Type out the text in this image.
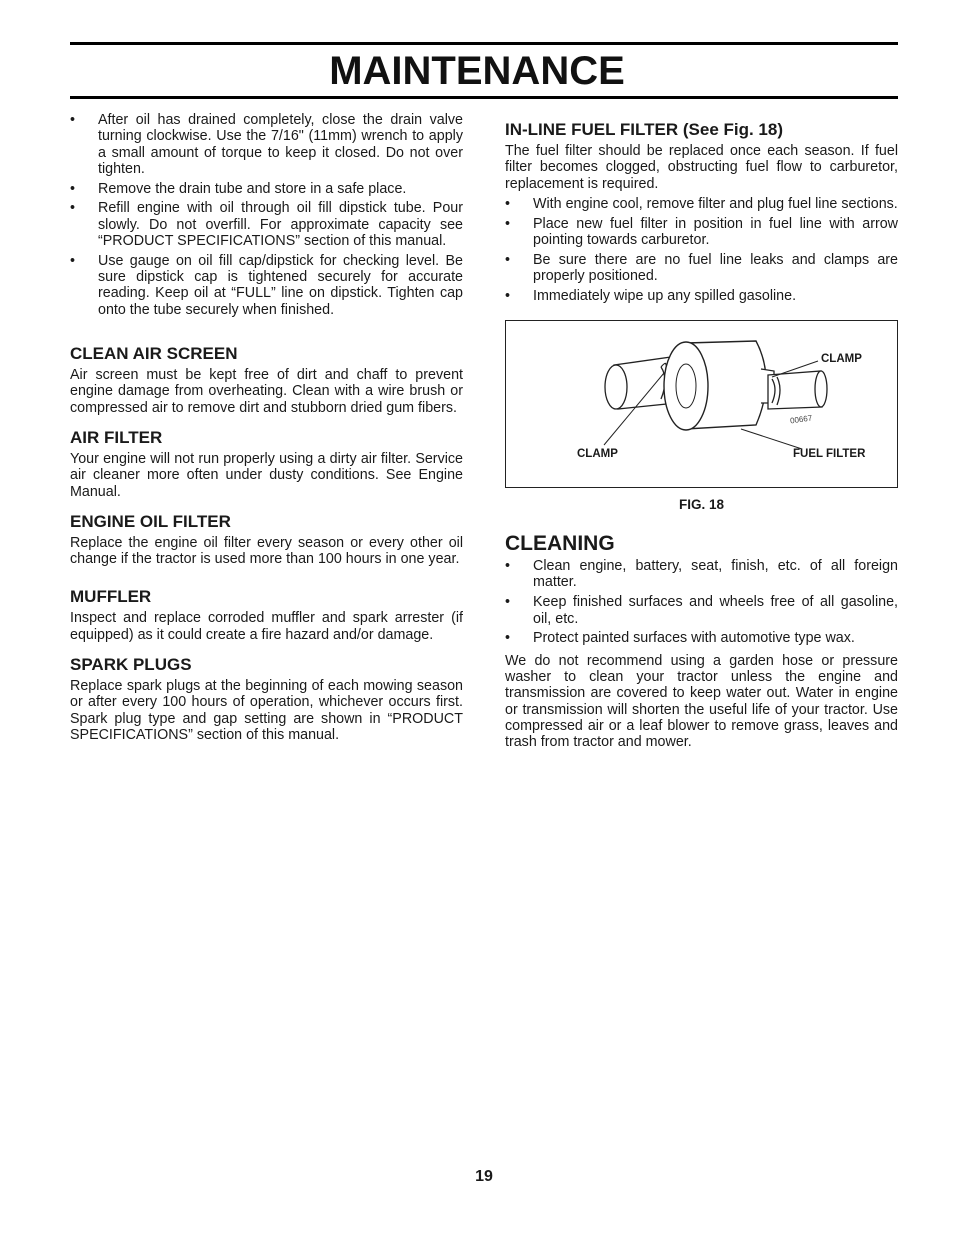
MAINTENANCE
• After oil has drained completely, close the drain valve turning clockwise. Use the 7/16" (11mm) wrench to apply a small amount of torque to keep it closed. Do not over tighten.
• Remove the drain tube and store in a safe place.
• Refill engine with oil through oil fill dipstick tube. Pour slowly. Do not overfill. For approximate capacity see “PRODUCT SPECIFICATIONS” section of this manual.
• Use gauge on oil fill cap/dipstick for checking level. Be sure dipstick cap is tightened securely for accurate reading. Keep oil at “FULL” line on dipstick. Tighten cap onto the tube securely when finished.
CLEAN AIR SCREEN

Air screen must be kept free of dirt and chaff to prevent engine damage from overheating. Clean with a wire brush or compressed air to remove dirt and stubborn dried gum fibers.

AIR FILTER

Your engine will not run properly using a dirty air filter. Service air cleaner more often under dusty conditions. See Engine Manual.

ENGINE OIL FILTER

Replace the engine oil filter every season or every other oil change if the tractor is used more than 100 hours in one year.

MUFFLER

Inspect and replace corroded muffler and spark arrester (if equipped) as it could create a fire hazard and/or damage.

SPARK PLUGS

Replace spark plugs at the beginning of each mowing season or after every 100 hours of operation, whichever occurs first. Spark plug type and gap setting are shown in “PRODUCT SPECIFICATIONS” section of this manual.

IN-LINE FUEL FILTER (See Fig. 18)

The fuel filter should be replaced once each season. If fuel filter becomes clogged, obstructing fuel flow to carburetor, replacement is required.

• With engine cool, remove filter and plug fuel line sections.
• Place new fuel filter in position in fuel line with arrow pointing towards carburetor.
• Be sure there are no fuel line leaks and clamps are properly positioned.
• Immediately wipe up any spilled gasoline.
CLAMP
CLAMP	FUEL FILTER
00667
FIG. 18
CLEANING
• Clean engine, battery, seat, finish, etc. of all foreign matter.
• Keep finished surfaces and wheels free of all gasoline, oil, etc.
• Protect painted surfaces with automotive type wax.

We do not recommend using a garden hose or pressure washer to clean your tractor unless the engine and transmission are covered to keep water out. Water in engine or transmission will shorten the useful life of your tractor. Use compressed air or a leaf blower to remove grass, leaves and trash from tractor and mower.

19
